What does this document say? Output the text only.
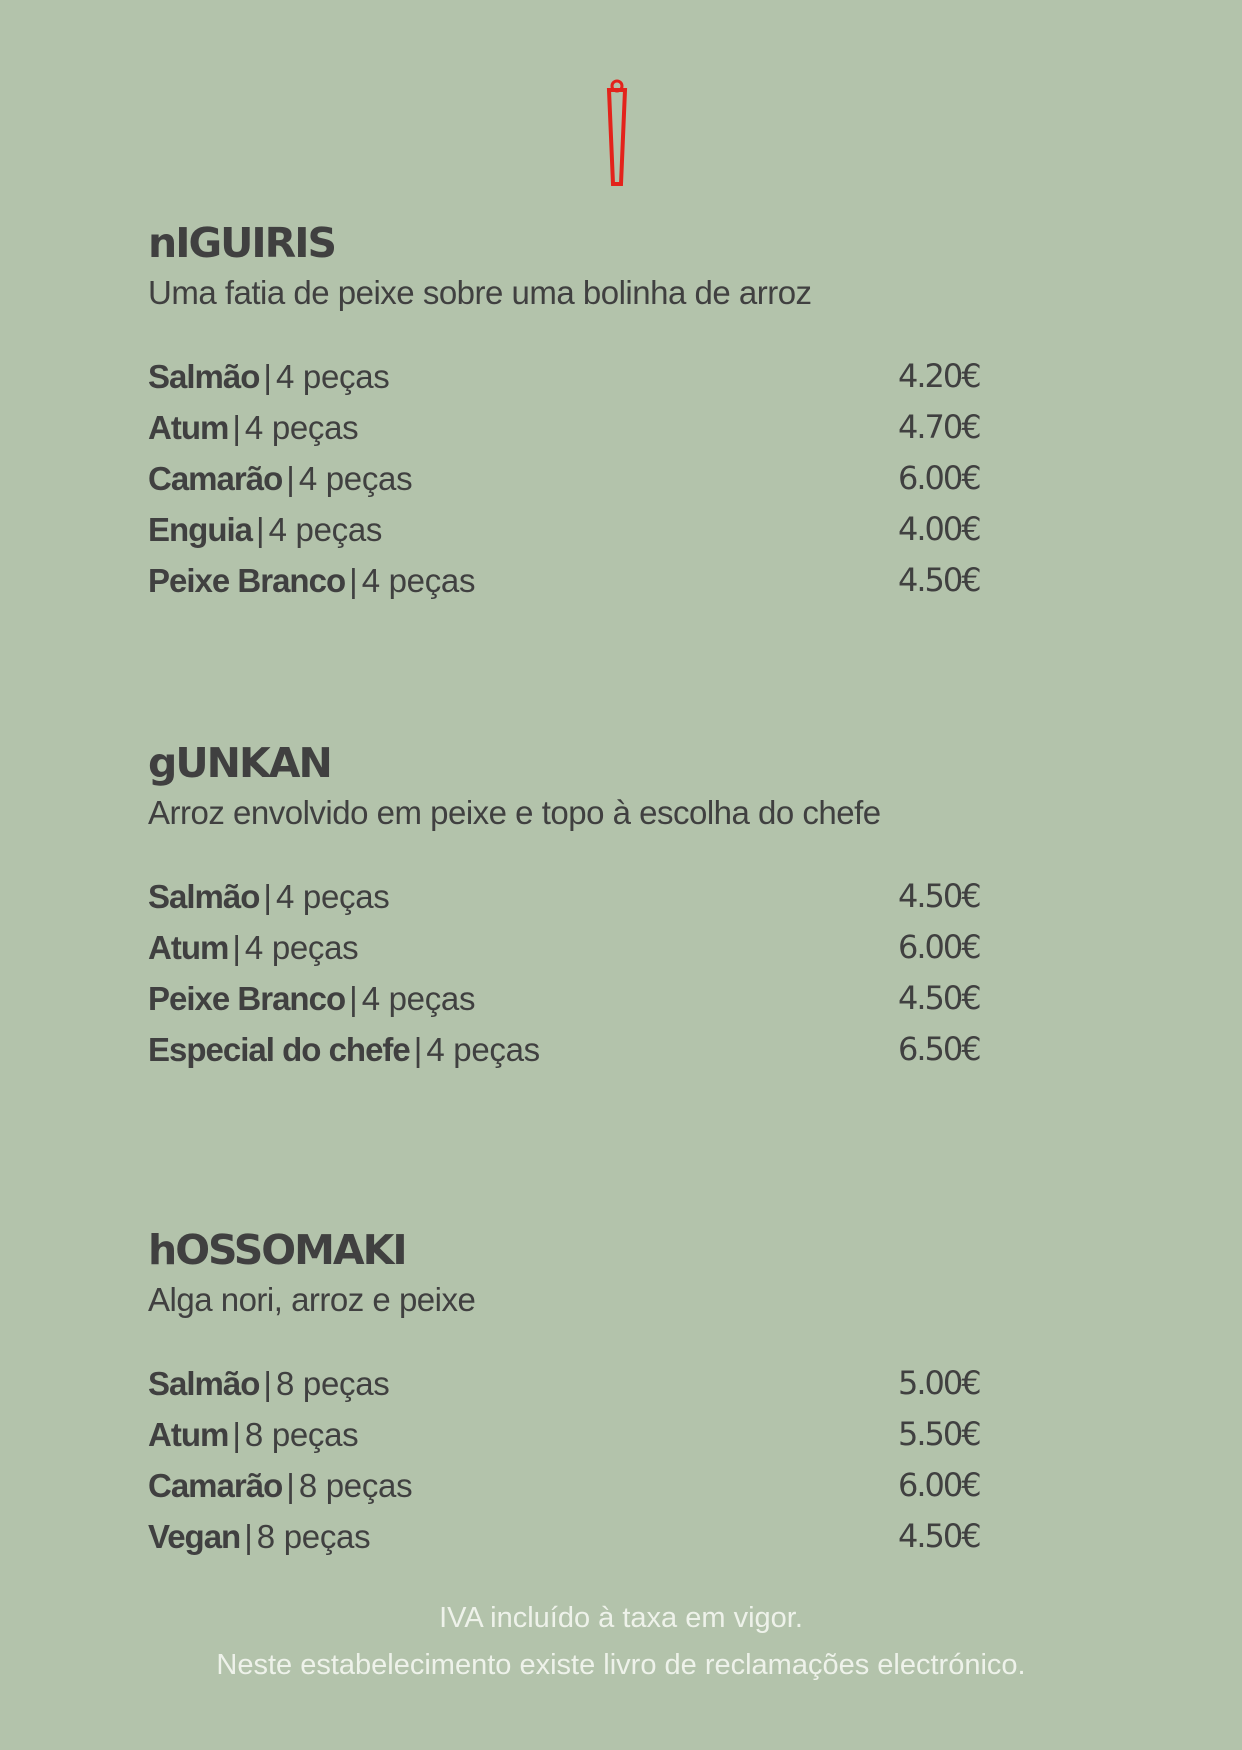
nIGUIRIS

Uma fatia de peixe sobre uma bolinha de arroz

Salmão | 4 peças	4.20€
Atum | 4 peças	4.70€
Camarão | 4 peças	6.00€
Enguia | 4 peças	4.00€
Peixe Branco | 4 peças	4.50€
gUNKAN

Arroz envolvido em peixe e topo à escolha do chefe

Salmão | 4 peças	4.50€
Atum | 4 peças	6.00€
Peixe Branco | 4 peças	4.50€
Especial do chefe | 4 peças	6.50€
hOSSOMAKI

Alga nori, arroz e peixe

Salmão | 8 peças	5.00€
Atum | 8 peças	5.50€
Camarão | 8 peças	6.00€
Vegan | 8 peças	4.50€
IVA incluído à taxa em vigor.
Neste estabelecimento existe livro de reclamações electrónico.
